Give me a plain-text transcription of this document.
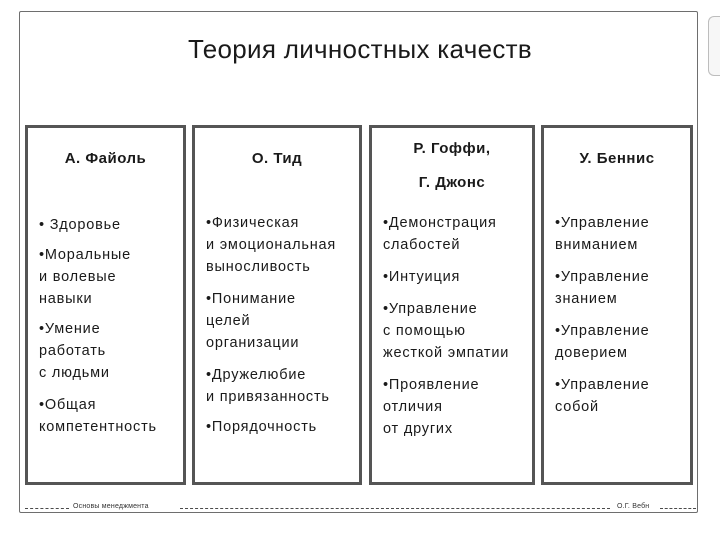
Теория личностных качеств
А. Файоль
• Здоровье
•Моральные
и волевые
навыки
•Умение
работать
с людьми
•Общая
компетентность
О. Тид
•Физическая
и эмоциональная
выносливость
•Понимание
целей
организации
•Дружелюбие
и привязанность
•Порядочность
Р. Гоффи,
Г. Джонс
•Демонстрация
слабостей
•Интуиция
•Управление
с помощью
жесткой эмпатии
•Проявление
отличия
от других
У. Беннис
•Управление
вниманием
•Управление
знанием
•Управление
доверием
•Управление
собой
Основы менеджмента	О.Г. Вебн
